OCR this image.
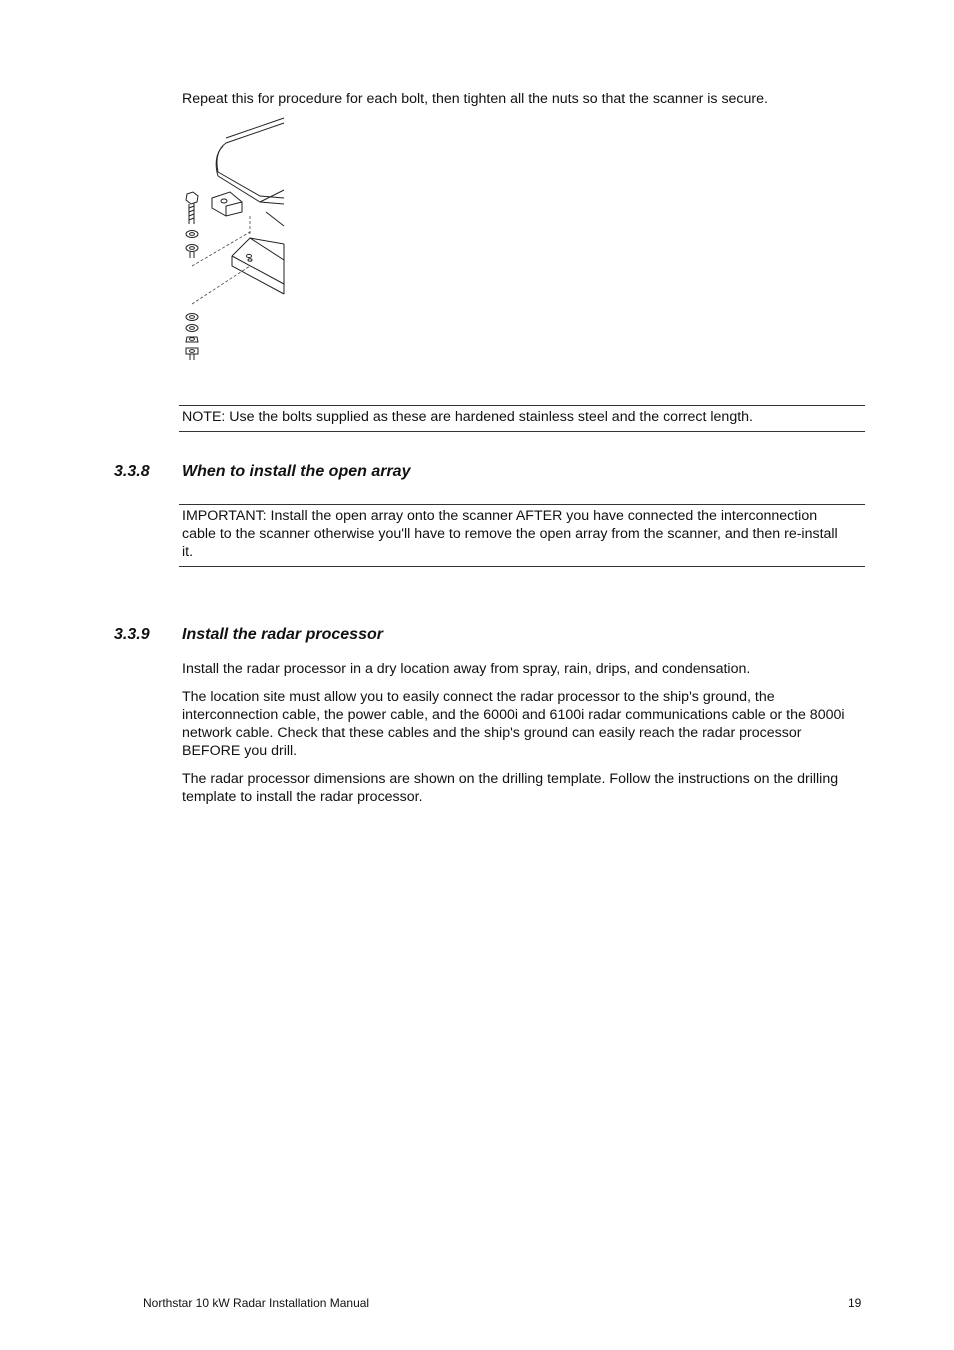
Repeat this for procedure for each bolt, then tighten all the nuts so that the scanner is secure.

NOTE: Use the bolts supplied as these are hardened stainless steel and the correct length.

3.3.8 When to install the open array

IMPORTANT: Install the open array onto the scanner AFTER you have connected the interconnection cable to the scanner otherwise you'll have to remove the open array from the scanner, and then re-install it.

3.3.9 Install the radar processor

Install the radar processor in a dry location away from spray, rain, drips, and condensation.

The location site must allow you to easily connect the radar processor to the ship's ground, the interconnection cable, the power cable, and the 6000i and 6100i radar communications cable or the 8000i network cable. Check that these cables and the ship's ground can easily reach the radar processor BEFORE you drill.

The radar processor dimensions are shown on the drilling template. Follow the instructions on the drilling template to install the radar processor.

Northstar 10 kW Radar Installation Manual	19
